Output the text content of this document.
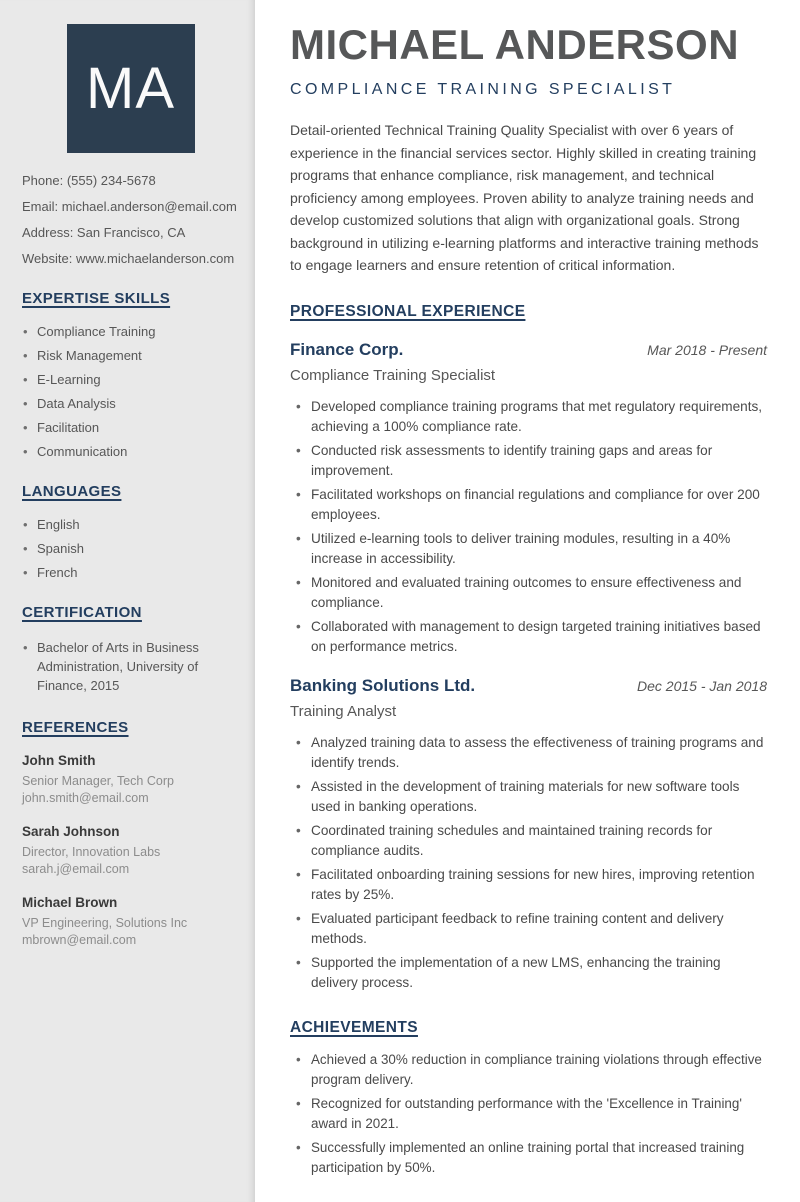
MA
Phone: (555) 234-5678
Email: michael.anderson@email.com
Address: San Francisco, CA
Website: www.michaelanderson.com
EXPERTISE SKILLS
• Compliance Training
• Risk Management
• E-Learning
• Data Analysis
• Facilitation
• Communication
LANGUAGES
• English
• Spanish
• French
CERTIFICATION
• Bachelor of Arts in Business Administration, University of Finance, 2015
REFERENCES
John Smith
Senior Manager, Tech Corp
john.smith@email.com
Sarah Johnson
Director, Innovation Labs
sarah.j@email.com
Michael Brown
VP Engineering, Solutions Inc
mbrown@email.com
MICHAEL ANDERSON
COMPLIANCE TRAINING SPECIALIST

Detail-oriented Technical Training Quality Specialist with over 6 years of experience in the financial services sector. Highly skilled in creating training programs that enhance compliance, risk management, and technical proficiency among employees. Proven ability to analyze training needs and develop customized solutions that align with organizational goals. Strong background in utilizing e-learning platforms and interactive training methods to engage learners and ensure retention of critical information.

PROFESSIONAL EXPERIENCE
Finance Corp.	Mar 2018 - Present
Compliance Training Specialist
• Developed compliance training programs that met regulatory requirements, achieving a 100% compliance rate.
• Conducted risk assessments to identify training gaps and areas for improvement.
• Facilitated workshops on financial regulations and compliance for over 200 employees.
• Utilized e-learning tools to deliver training modules, resulting in a 40% increase in accessibility.
• Monitored and evaluated training outcomes to ensure effectiveness and compliance.
• Collaborated with management to design targeted training initiatives based on performance metrics.
Banking Solutions Ltd.	Dec 2015 - Jan 2018
Training Analyst
• Analyzed training data to assess the effectiveness of training programs and identify trends.
• Assisted in the development of training materials for new software tools used in banking operations.
• Coordinated training schedules and maintained training records for compliance audits.
• Facilitated onboarding training sessions for new hires, improving retention rates by 25%.
• Evaluated participant feedback to refine training content and delivery methods.
• Supported the implementation of a new LMS, enhancing the training delivery process.
ACHIEVEMENTS
• Achieved a 30% reduction in compliance training violations through effective program delivery.
• Recognized for outstanding performance with the 'Excellence in Training' award in 2021.
• Successfully implemented an online training portal that increased training participation by 50%.
